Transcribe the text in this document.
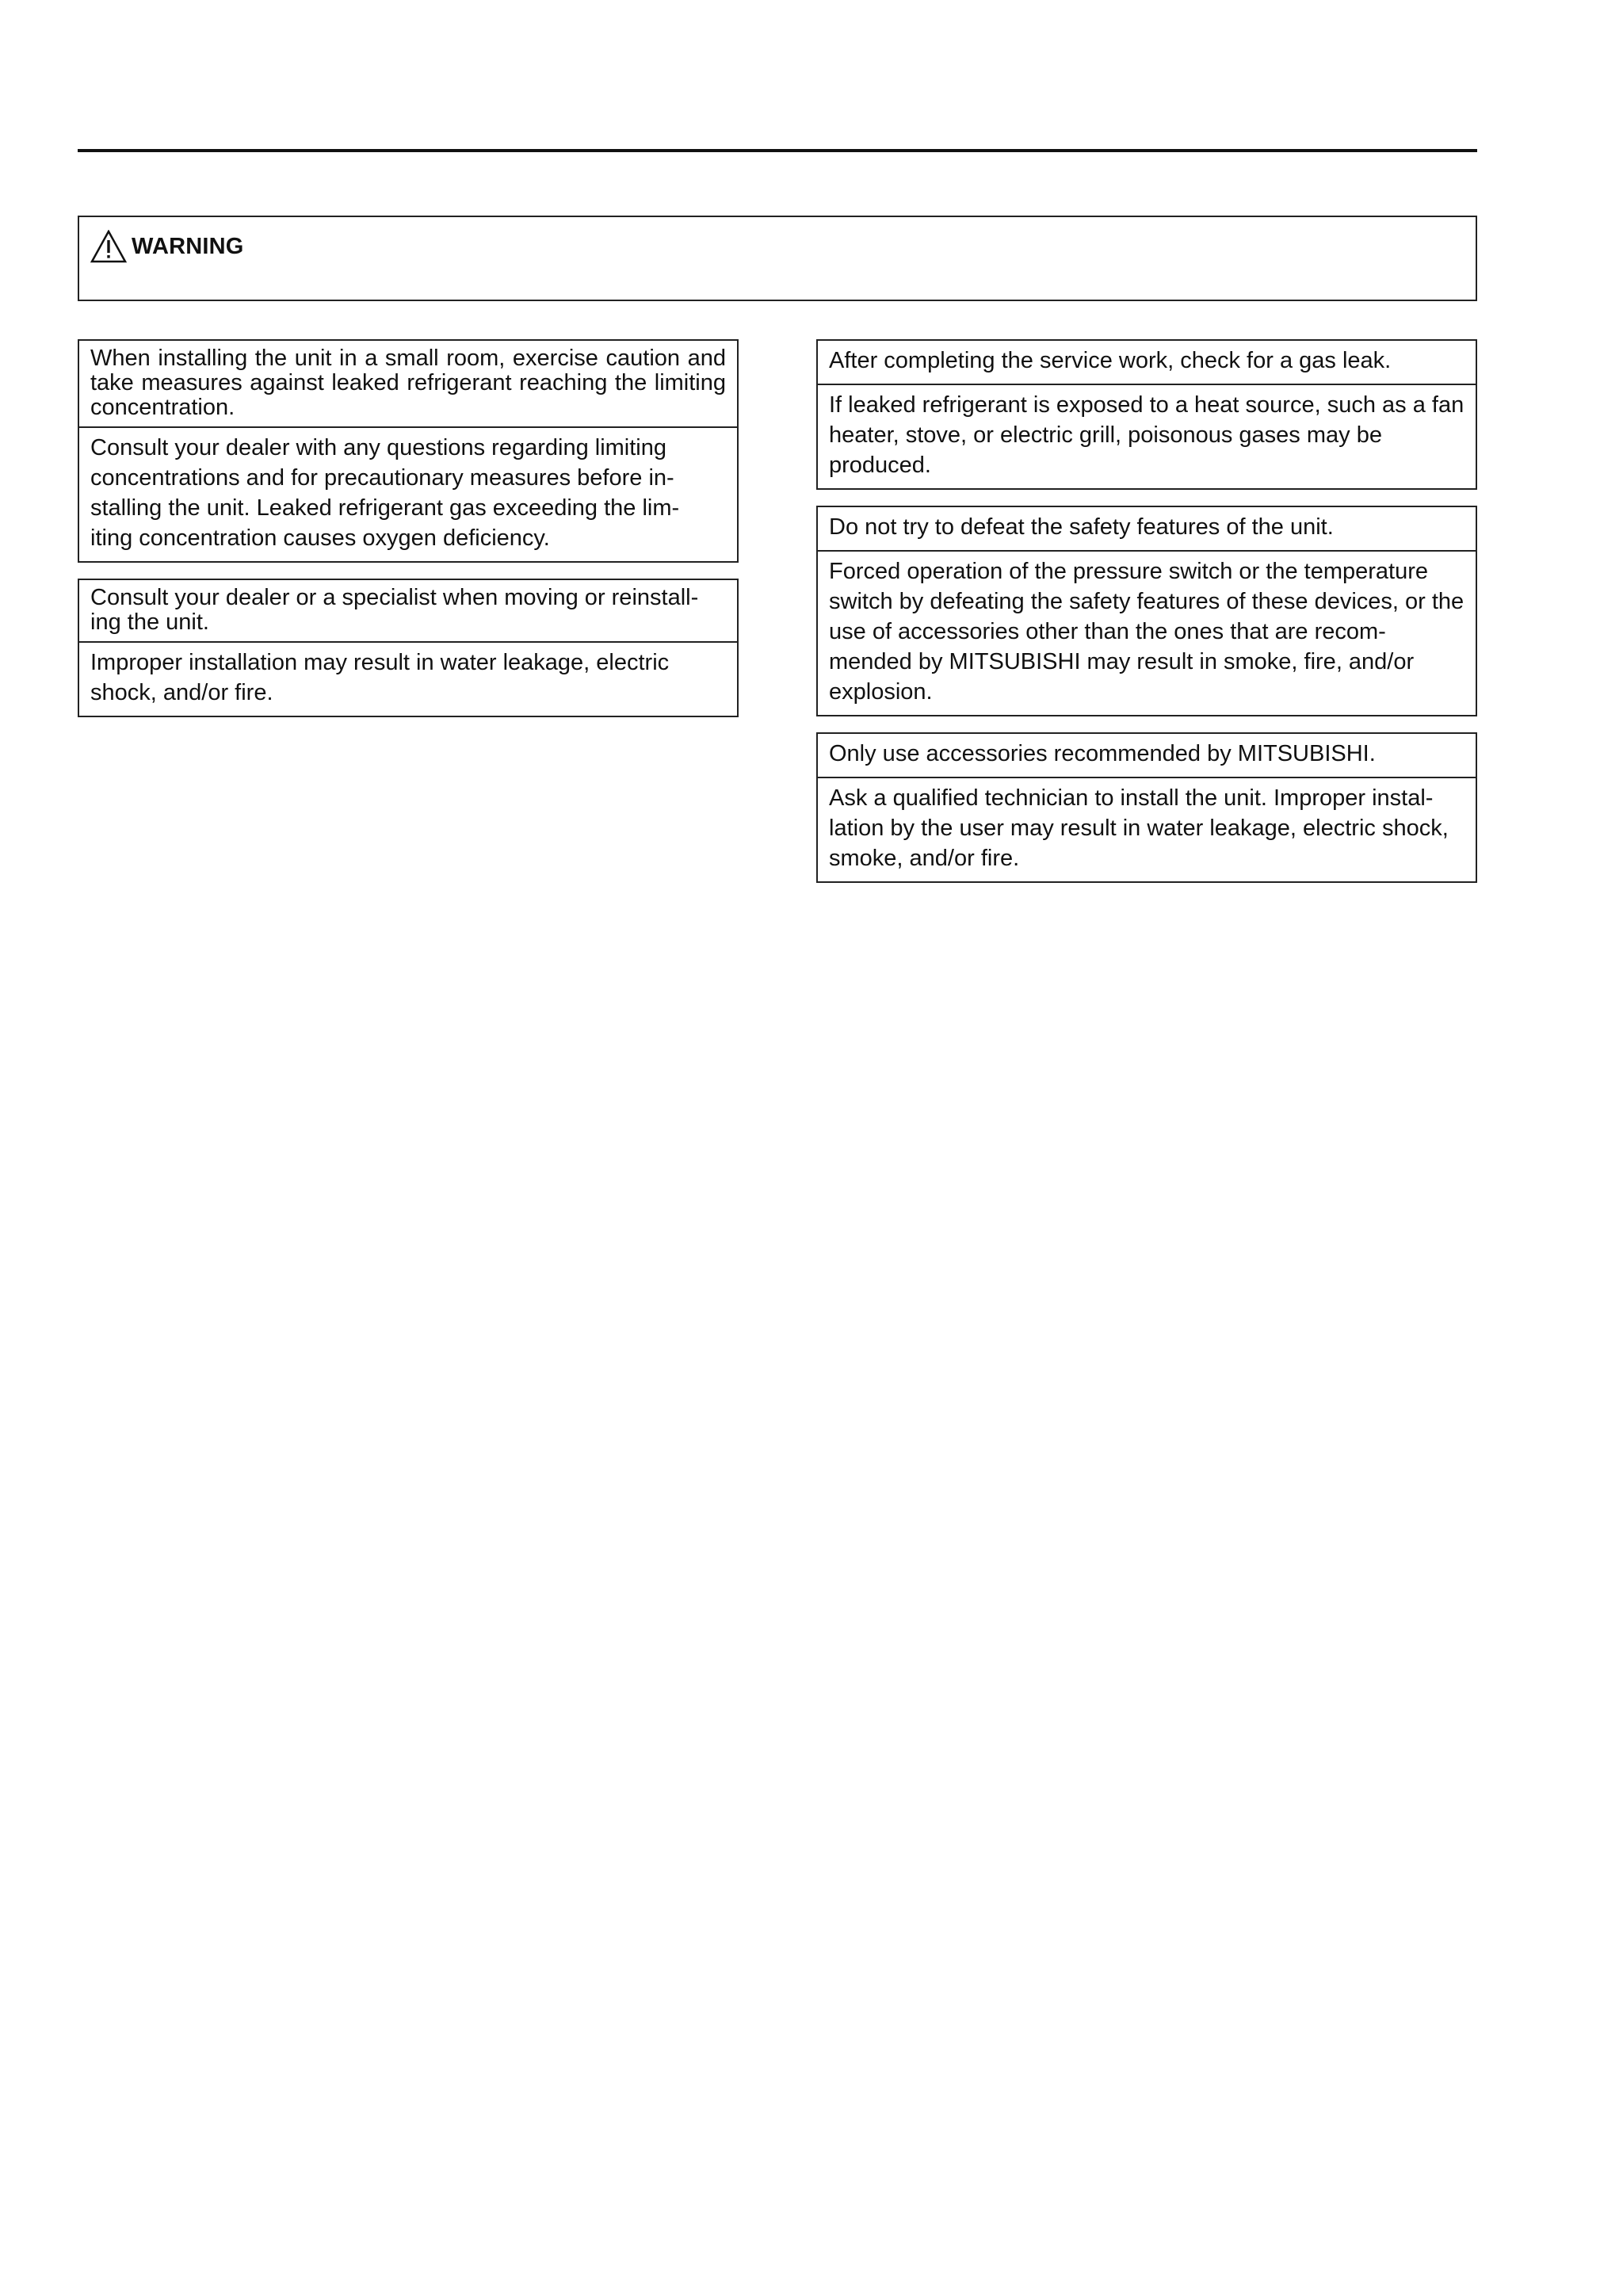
WARNING
When installing the unit in a small room, exercise caution and take measures against leaked refrigerant reaching the limiting concentration.
Consult your dealer with any questions regarding limiting concentrations and for precautionary measures before in- stalling the unit. Leaked refrigerant gas exceeding the lim- iting concentration causes oxygen deficiency.
Consult your dealer or a specialist when moving or reinstall- ing the unit.
Improper installation may result in water leakage, electric shock, and/or fire.
After completing the service work, check for a gas leak.
If leaked refrigerant is exposed to a heat source, such as a fan heater, stove, or electric grill, poisonous gases may be produced.
Do not try to defeat the safety features of the unit.
Forced operation of the pressure switch or the temperature switch by defeating the safety features of these devices, or the use of accessories other than the ones that are recom- mended by MITSUBISHI may result in smoke, fire, and/or explosion.
Only use accessories recommended by MITSUBISHI.
Ask a qualified technician to install the unit. Improper instal- lation by the user may result in water leakage, electric shock, smoke, and/or fire.
